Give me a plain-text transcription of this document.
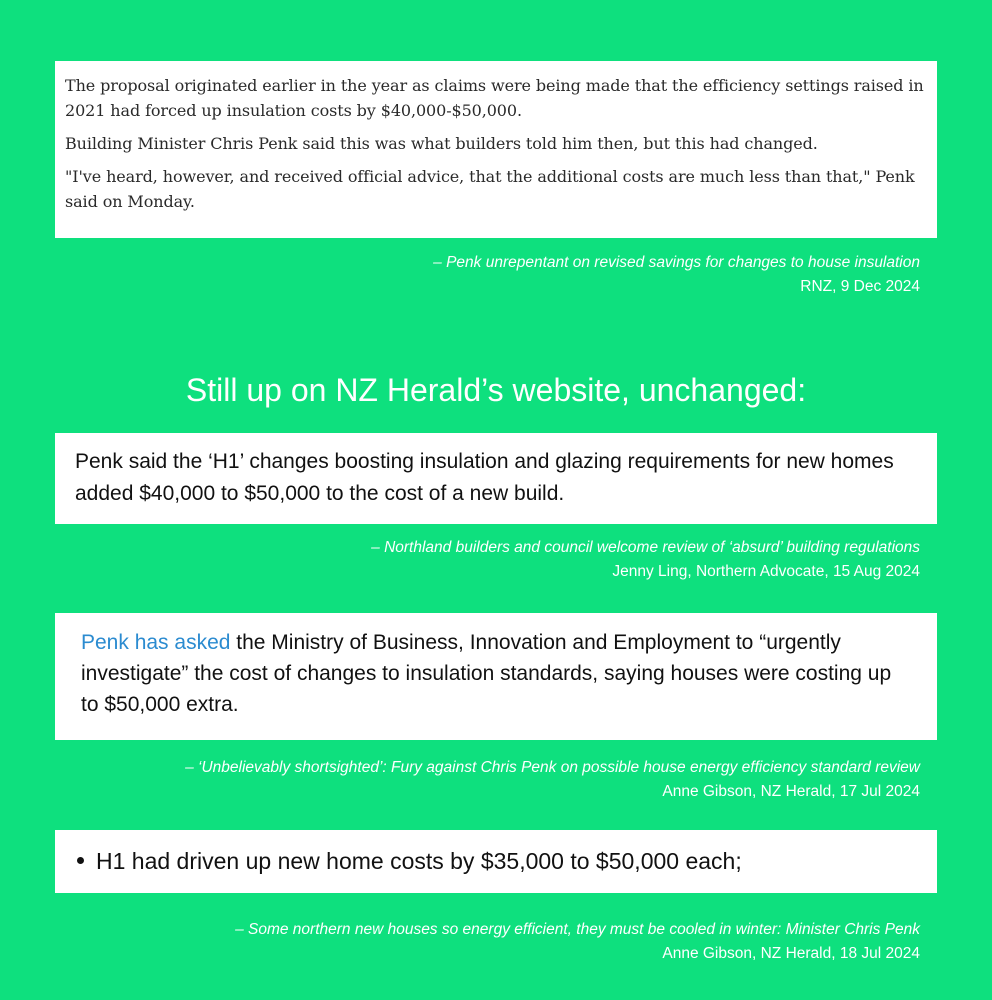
The proposal originated earlier in the year as claims were being made that the efficiency settings raised in 2021 had forced up insulation costs by $40,000-$50,000.

Building Minister Chris Penk said this was what builders told him then, but this had changed.

"I've heard, however, and received official advice, that the additional costs are much less than that," Penk said on Monday.

– Penk unrepentant on revised savings for changes to house insulation
RNZ, 9 Dec 2024
Still up on NZ Herald’s website, unchanged:
Penk said the ‘H1’ changes boosting insulation and glazing requirements for new homes added $40,000 to $50,000 to the cost of a new build.
– Northland builders and council welcome review of ‘absurd’ building regulations
Jenny Ling, Northern Advocate, 15 Aug 2024
Penk has asked the Ministry of Business, Innovation and Employment to “urgently investigate” the cost of changes to insulation standards, saying houses were costing up to $50,000 extra.
– ‘Unbelievably shortsighted’: Fury against Chris Penk on possible house energy efficiency standard review
Anne Gibson, NZ Herald, 17 Jul 2024
H1 had driven up new home costs by $35,000 to $50,000 each;
– Some northern new houses so energy efficient, they must be cooled in winter: Minister Chris Penk
Anne Gibson, NZ Herald, 18 Jul 2024
